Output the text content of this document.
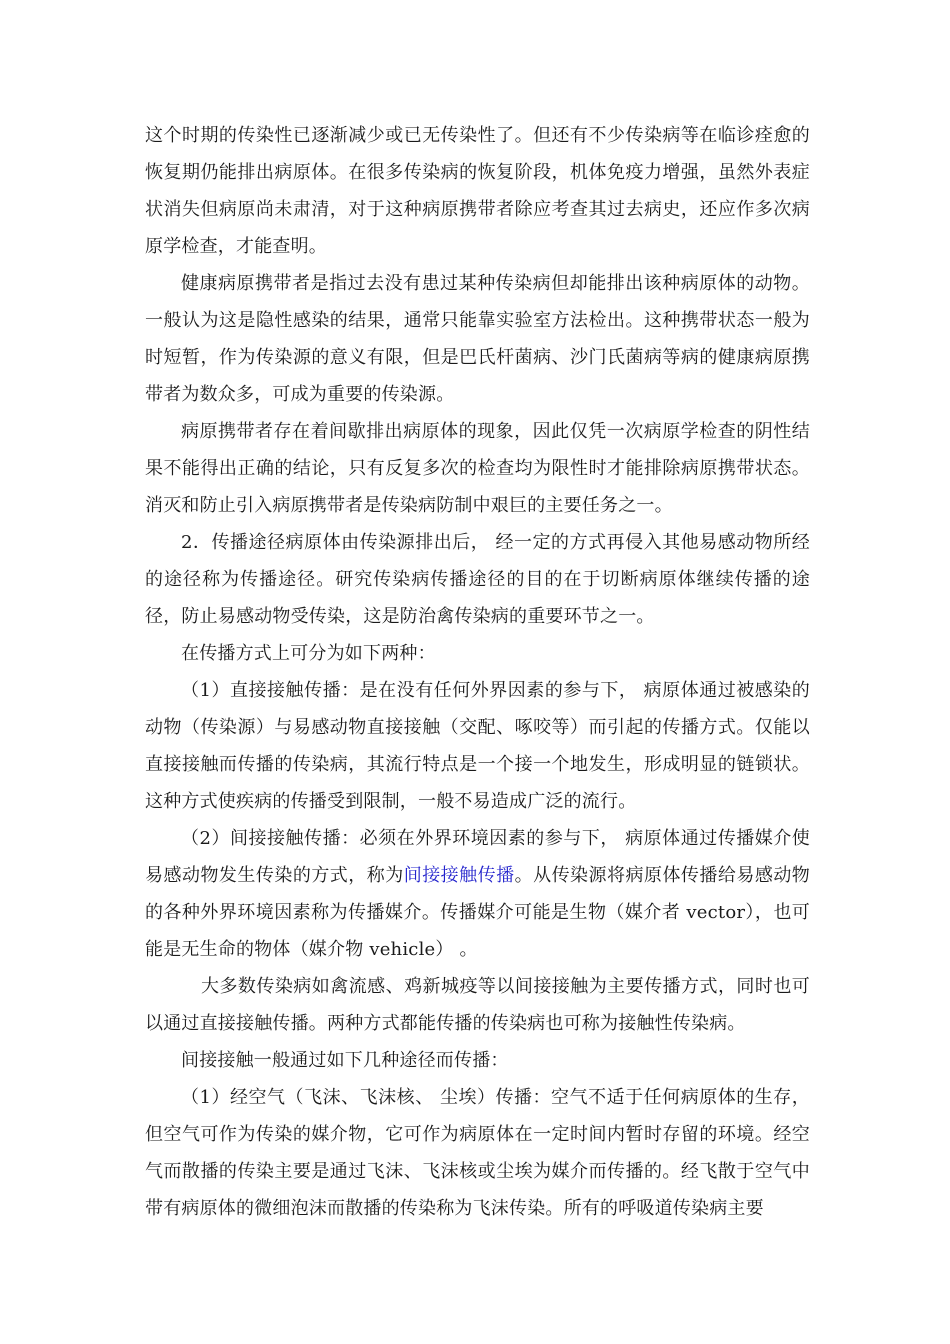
这个时期的传染性已逐渐减少或已无传染性了。但还有不少传染病等在临诊痊愈的恢复期仍能排出病原体。在很多传染病的恢复阶段，机体免疫力增强，虽然外表症状消失但病原尚未肃清，对于这种病原携带者除应考查其过去病史，还应作多次病原学检查，才能查明。

健康病原携带者是指过去没有患过某种传染病但却能排出该种病原体的动物。一般认为这是隐性感染的结果，通常只能靠实验室方法检出。这种携带状态一般为时短暂，作为传染源的意义有限，但是巴氏杆菌病、沙门氏菌病等病的健康病原携带者为数众多，可成为重要的传染源。

病原携带者存在着间歇排出病原体的现象，因此仅凭一次病原学检查的阴性结果不能得出正确的结论，只有反复多次的检查均为限性时才能排除病原携带状态。消灭和防止引入病原携带者是传染病防制中艰巨的主要任务之一。

2．传播途径病原体由传染源排出后， 经一定的方式再侵入其他易感动物所经的途径称为传播途径。研究传染病传播途径的目的在于切断病原体继续传播的途径，防止易感动物受传染，这是防治禽传染病的重要环节之一。

在传播方式上可分为如下两种：

（1）直接接触传播：是在没有任何外界因素的参与下， 病原体通过被感染的动物（传染源）与易感动物直接接触（交配、啄咬等）而引起的传播方式。仅能以直接接触而传播的传染病，其流行特点是一个接一个地发生，形成明显的链锁状。这种方式使疾病的传播受到限制，一般不易造成广泛的流行。

（2）间接接触传播：必须在外界环境因素的参与下， 病原体通过传播媒介使易感动物发生传染的方式，称为间接接触传播。从传染源将病原体传播给易感动物的各种外界环境因素称为传播媒介。传播媒介可能是生物（媒介者 vector），也可能是无生命的物体（媒介物 vehicle） 。

大多数传染病如禽流感、鸡新城疫等以间接接触为主要传播方式，同时也可以通过直接接触传播。两种方式都能传播的传染病也可称为接触性传染病。

间接接触一般通过如下几种途径而传播：

（1）经空气（飞沫、飞沫核、 尘埃）传播：空气不适于任何病原体的生存，但空气可作为传染的媒介物，它可作为病原体在一定时间内暂时存留的环境。经空气而散播的传染主要是通过飞沫、飞沫核或尘埃为媒介而传播的。经飞散于空气中带有病原体的微细泡沫而散播的传染称为飞沫传染。所有的呼吸道传染病主要
